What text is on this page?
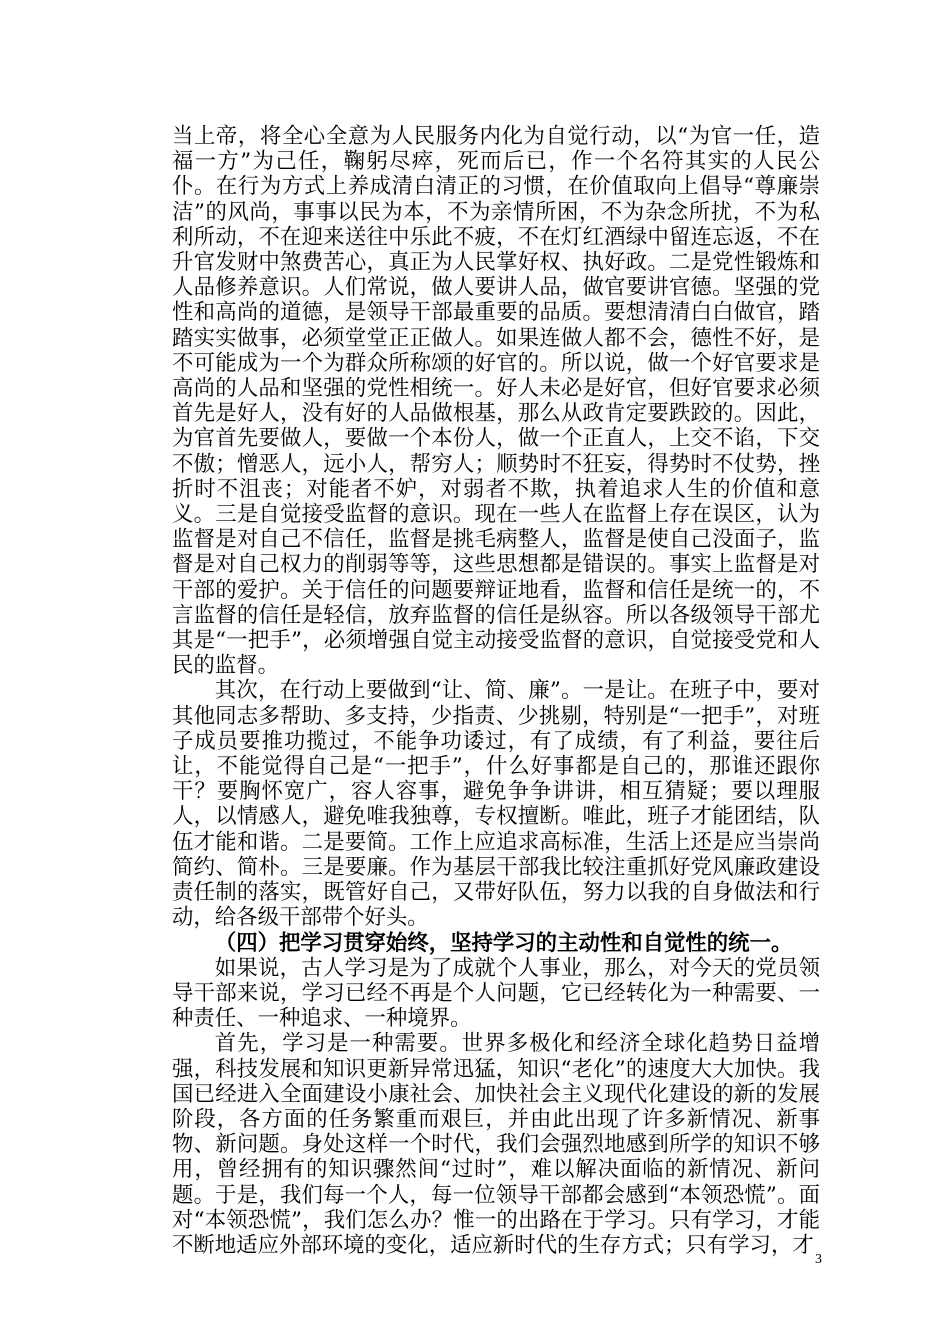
当上帝，将全心全意为人民服务内化为自觉行动，以“为官一任，造福一方”为己任，鞠躬尽瘁，死而后已，作一个名符其实的人民公仆。在行为方式上养成清白清正的习惯，在价值取向上倡导“尊廉崇洁”的风尚，事事以民为本，不为亲情所困，不为杂念所扰，不为私利所动，不在迎来送往中乐此不疲，不在灯红酒绿中留连忘返，不在升官发财中煞费苦心，真正为人民掌好权、执好政。二是党性锻炼和人品修养意识。人们常说，做人要讲人品，做官要讲官德。坚强的党性和高尚的道德，是领导干部最重要的品质。要想清清白白做官，踏踏实实做事，必须堂堂正正做人。如果连做人都不会，德性不好，是不可能成为一个为群众所称颂的好官的。所以说，做一个好官要求是高尚的人品和坚强的党性相统一。好人未必是好官，但好官要求必须首先是好人，没有好的人品做根基，那么从政肯定要跌跤的。因此，为官首先要做人，要做一个本份人，做一个正直人，上交不谄，下交不傲；憎恶人，远小人，帮穷人；顺势时不狂妄，得势时不仗势，挫折时不沮丧；对能者不妒，对弱者不欺，执着追求人生的价值和意义。三是自觉接受监督的意识。现在一些人在监督上存在误区，认为监督是对自己不信任，监督是挑毛病整人，监督是使自己没面子，监督是对自己权力的削弱等等，这些思想都是错误的。事实上监督是对干部的爱护。关于信任的问题要辩证地看，监督和信任是统一的，不言监督的信任是轻信，放弃监督的信任是纵容。所以各级领导干部尤其是“一把手”，必须增强自觉主动接受监督的意识，自觉接受党和人民的监督。

其次，在行动上要做到“让、简、廉”。一是让。在班子中，要对其他同志多帮助、多支持，少指责、少挑剔，特别是“一把手”，对班子成员要推功揽过，不能争功诿过，有了成绩，有了利益，要往后让，不能觉得自己是“一把手”，什么好事都是自己的，那谁还跟你干？要胸怀宽广，容人容事，避免争争讲讲，相互猜疑；要以理服人，以情感人，避免唯我独尊，专权擅断。唯此，班子才能团结，队伍才能和谐。二是要简。工作上应追求高标准，生活上还是应当崇尚简约、简朴。三是要廉。作为基层干部我比较注重抓好党风廉政建设责任制的落实，既管好自己，又带好队伍，努力以我的自身做法和行动，给各级干部带个好头。

（四）把学习贯穿始终，坚持学习的主动性和自觉性的统一。

如果说，古人学习是为了成就个人事业，那么，对今天的党员领导干部来说，学习已经不再是个人问题，它已经转化为一种需要、一种责任、一种追求、一种境界。

首先，学习是一种需要。世界多极化和经济全球化趋势日益增强，科技发展和知识更新异常迅猛，知识“老化”的速度大大加快。我国已经进入全面建设小康社会、加快社会主义现代化建设的新的发展阶段，各方面的任务繁重而艰巨，并由此出现了许多新情况、新事物、新问题。身处这样一个时代，我们会强烈地感到所学的知识不够用，曾经拥有的知识骤然间“过时”，难以解决面临的新情况、新问题。于是，我们每一个人，每一位领导干部都会感到“本领恐慌”。面对“本领恐慌”，我们怎么办？惟一的出路在于学习。只有学习，才能不断地适应外部环境的变化，适应新时代的生存方式；只有学习，才

3
